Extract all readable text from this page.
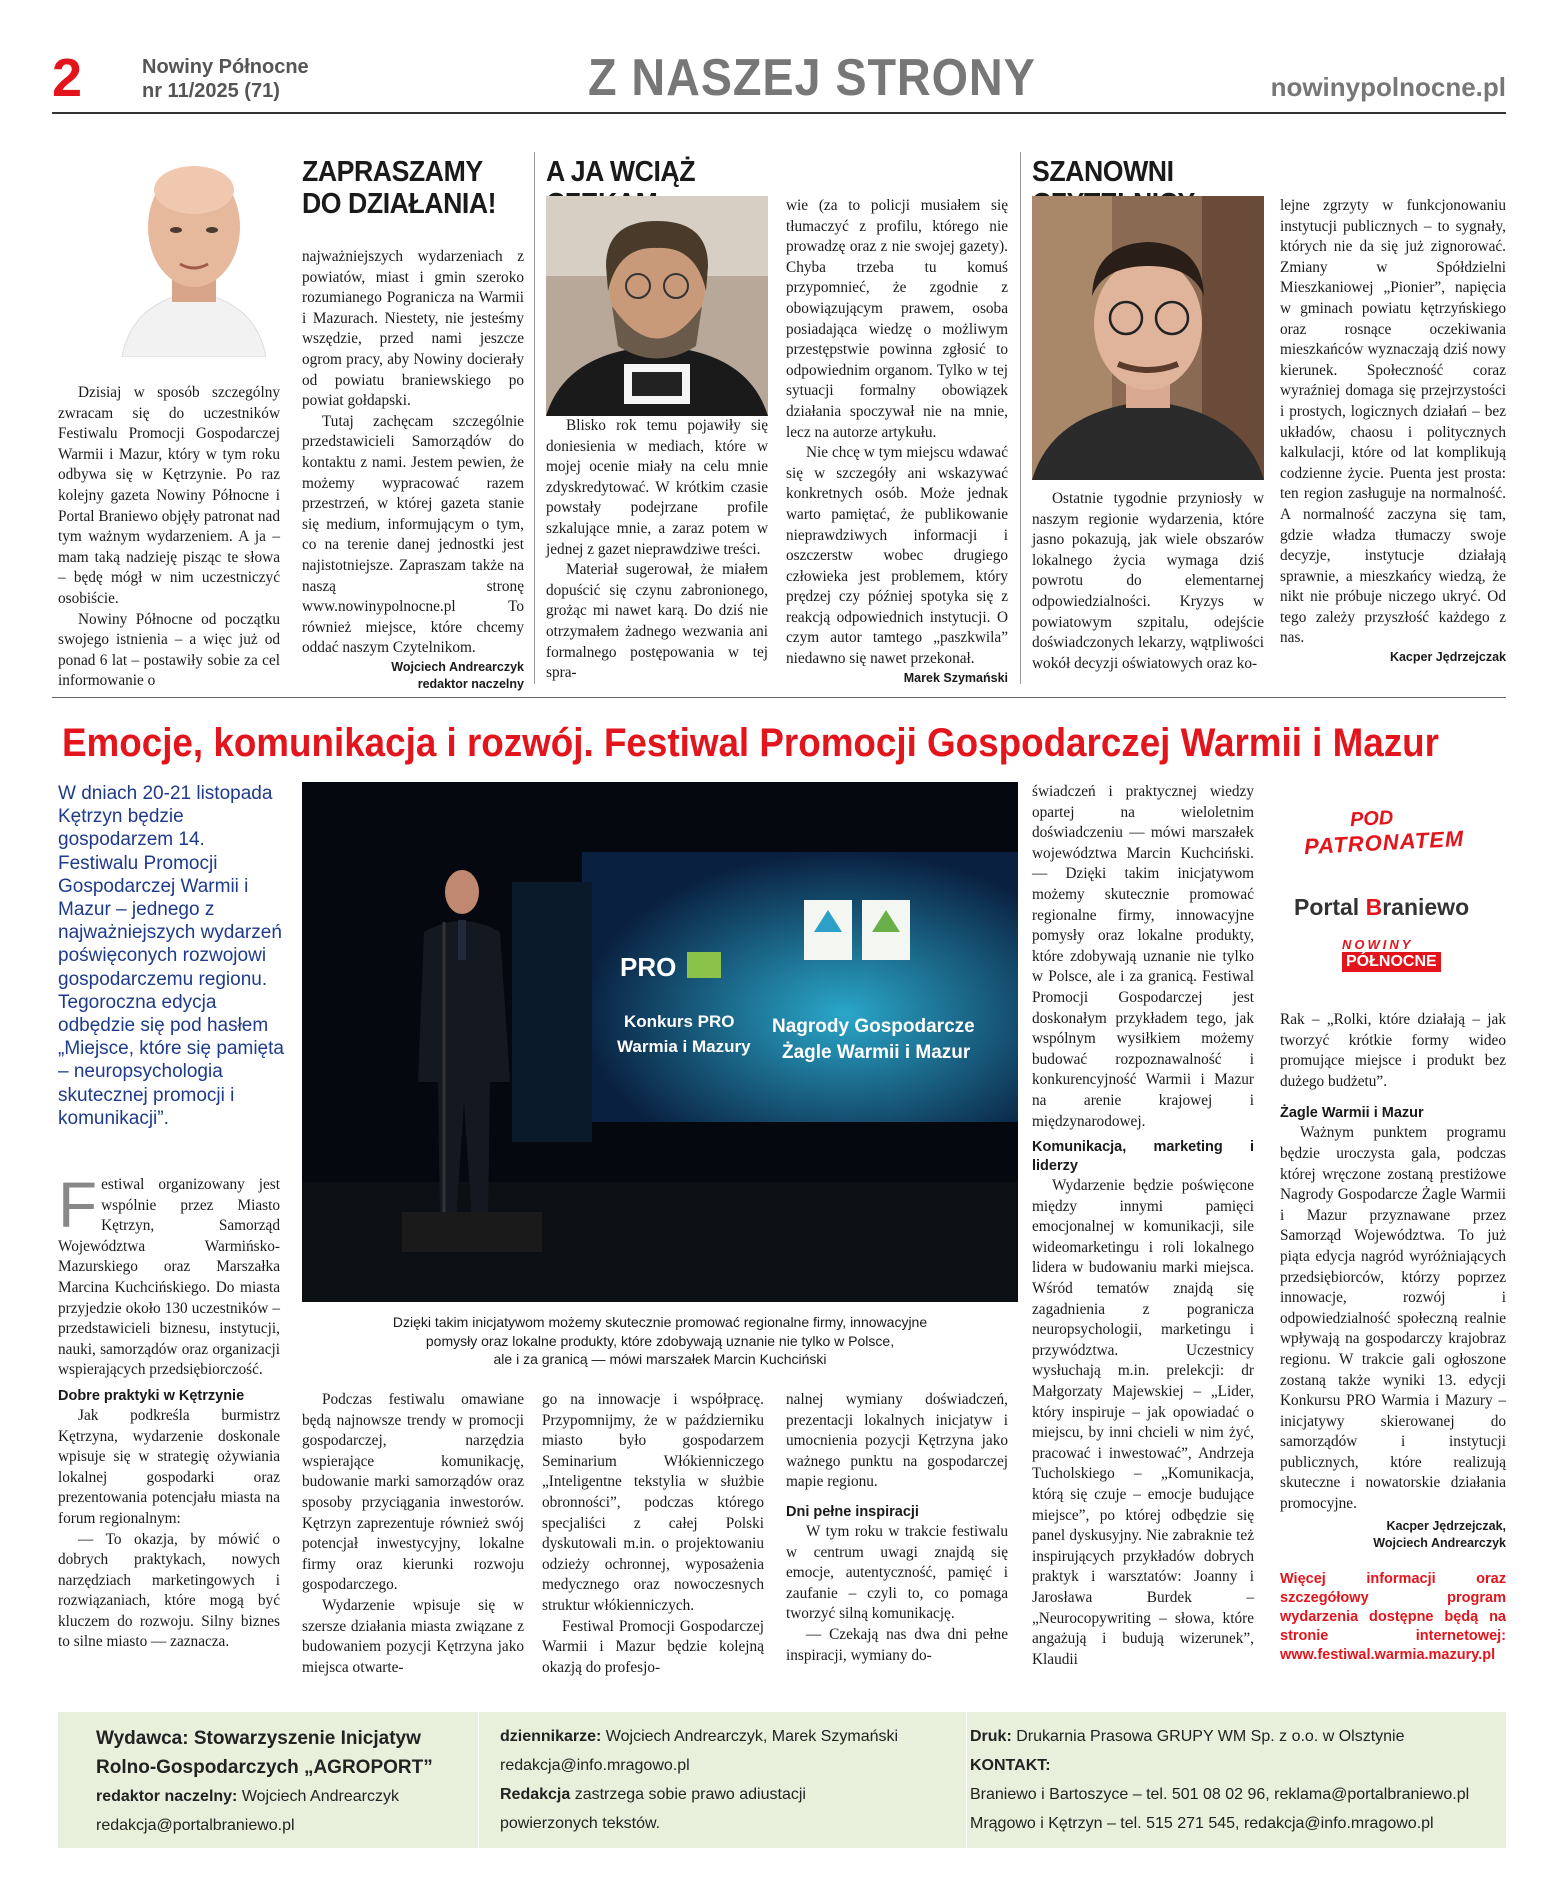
2	Nowiny Północne
nr 11/2025 (71)	Z NASZEJ STRONY	nowinypolnocne.pl
ZAPRASZAMY
DO DZIAŁANIA!

Dzisiaj w sposób szczególny zwracam się do uczestników Festiwalu Promocji Gospodarczej Warmii i Mazur, który w tym roku odbywa się w Kętrzynie. Po raz kolejny gazeta Nowiny Północne i Portal Braniewo objęły patronat nad tym ważnym wydarzeniem. A ja – mam taką nadzieję pisząc te słowa – będę mógł w nim uczestniczyć osobiście.

Nowiny Północne od początku swojego istnienia – a więc już od ponad 6 lat – postawiły sobie za cel informowanie o

najważniejszych wydarzeniach z powiatów, miast i gmin szeroko rozumianego Pogranicza na Warmii i Mazurach. Niestety, nie jesteśmy wszędzie, przed nami jeszcze ogrom pracy, aby Nowiny docierały od powiatu braniewskiego po powiat gołdapski.

Tutaj zachęcam szczególnie przedstawicieli Samorządów do kontaktu z nami. Jestem pewien, że możemy wypracować razem przestrzeń, w której gazeta stanie się medium, informującym o tym, co na terenie danej jednostki jest najistotniejsze. Zapraszam także na naszą stronę www.nowinypolnocne.pl To również miejsce, które chcemy oddać naszym Czytelnikom.

Wojciech Andrearczyk
redaktor naczelny
A JA WCIĄŻ

Blisko rok temu pojawiły się doniesienia w mediach, które w mojej ocenie miały na celu mnie zdyskredytować. W krótkim czasie powstały podejrzane profile szkalujące mnie, a zaraz potem w jednej z gazet nieprawdziwe treści.

Materiał sugerował, że miałem dopuścić się czynu zabronionego, grożąc mi nawet karą. Do dziś nie otrzymałem żadnego wezwania ani formalnego postępowania w tej spra-

wie (za to policji musiałem się tłumaczyć z profilu, którego nie prowadzę oraz z nie swojej gazety). Chyba trzeba tu komuś przypomnieć, że zgodnie z obowiązującym prawem, osoba posiadająca wiedzę o możliwym przestępstwie powinna zgłosić to odpowiednim organom. Tylko w tej sytuacji formalny obowiązek działania spoczywał nie na mnie, lecz na autorze artykułu.

Nie chcę w tym miejscu wdawać się w szczegóły ani wskazywać konkretnych osób. Może jednak warto pamiętać, że publikowanie nieprawdziwych informacji i oszczerstw wobec drugiego człowieka jest problemem, który prędzej czy później spotyka się z reakcją odpowiednich instytucji. O czym autor tamtego „paszkwila” niedawno się nawet przekonał.

Marek Szymański
SZANOWNI

Ostatnie tygodnie przyniosły w naszym regionie wydarzenia, które jasno pokazują, jak wiele obszarów lokalnego życia wymaga dziś powrotu do elementarnej odpowiedzialności. Kryzys w powiatowym szpitalu, odejście doświadczonych lekarzy, wątpliwości wokół decyzji oświatowych oraz ko-

lejne zgrzyty w funkcjonowaniu instytucji publicznych – to sygnały, których nie da się już zignorować. Zmiany w Spółdzielni Mieszkaniowej „Pionier”, napięcia w gminach powiatu kętrzyńskiego oraz rosnące oczekiwania mieszkańców wyznaczają dziś nowy kierunek. Społeczność coraz wyraźniej domaga się przejrzystości i prostych, logicznych działań – bez układów, chaosu i politycznych kalkulacji, które od lat komplikują codzienne życie. Puenta jest prosta: ten region zasługuje na normalność. A normalność zaczyna się tam, gdzie władza tłumaczy swoje decyzje, instytucje działają sprawnie, a mieszkańcy wiedzą, że nikt nie próbuje niczego ukryć. Od tego zależy przyszłość każdego z nas.

Kacper Jędrzejczak
Emocje, komunikacja i rozwój. Festiwal Promocji Gospodarczej Warmii i Mazur
W dniach 20-21 listopada Kętrzyn będzie gospodarzem 14. Festiwalu Promocji Gospodarczej Warmii i Mazur – jednego z najważniejszych wydarzeń poświęconych rozwojowi gospodarczemu regionu. Tegoroczna edycja odbędzie się pod hasłem „Miejsce, które się pamięta – neuropsychologia skutecznej promocji i komunikacji”.

Festiwal organizowany jest wspólnie przez Miasto Kętrzyn, Samorząd Województwa Warmińsko-Mazurskiego oraz Marszałka Marcina Kuchcińskiego. Do miasta przyjedzie około 130 uczestników – przedstawicieli biznesu, instytucji, nauki, samorządów oraz organizacji wspierających przedsiębiorczość.

Dobre praktyki w Kętrzynie

Jak podkreśla burmistrz Kętrzyna, wydarzenie doskonale wpisuje się w strategię ożywiania lokalnej gospodarki oraz prezentowania potencjału miasta na forum regionalnym:

— To okazja, by mówić o dobrych praktykach, nowych narzędziach marketingowych i rozwiązaniach, które mogą być kluczem do rozwoju. Silny biznes to silne miasto — zaznacza.

PRO
Konkurs PRO
Warmia i Mazury
Nagrody Gospodarcze
Żagle Warmii i Mazur
Dzięki takim inicjatywom możemy skutecznie promować regionalne firmy, innowacyjne
pomysły oraz lokalne produkty, które zdobywają uznanie nie tylko w Polsce,
ale i za granicą — mówi marszałek Marcin Kuchciński

Podczas festiwalu omawiane będą najnowsze trendy w promocji gospodarczej, narzędzia wspierające komunikację, budowanie marki samorządów oraz sposoby przyciągania inwestorów. Kętrzyn zaprezentuje również swój potencjał inwestycyjny, lokalne firmy oraz kierunki rozwoju gospodarczego.

Wydarzenie wpisuje się w szersze działania miasta związane z budowaniem pozycji Kętrzyna jako miejsca otwarte-

go na innowacje i współpracę. Przypomnijmy, że w październiku miasto było gospodarzem Seminarium Włókienniczego „Inteligentne tekstylia w służbie obronności”, podczas którego specjaliści z całej Polski dyskutowali m.in. o projektowaniu odzieży ochronnej, wyposażenia medycznego oraz nowoczesnych struktur włókienniczych.

Festiwal Promocji Gospodarczej Warmii i Mazur będzie kolejną okazją do profesjo-

nalnej wymiany doświadczeń, prezentacji lokalnych inicjatyw i umocnienia pozycji Kętrzyna jako ważnego punktu na gospodarczej mapie regionu.

Dni pełne inspiracji

W tym roku w trakcie festiwalu w centrum uwagi znajdą się emocje, autentyczność, pamięć i zaufanie – czyli to, co pomaga tworzyć silną komunikację.

— Czekają nas dwa dni pełne inspiracji, wymiany do-

świadczeń i praktycznej wiedzy opartej na wieloletnim doświadczeniu — mówi marszałek województwa Marcin Kuchciński. — Dzięki takim inicjatywom możemy skutecznie promować regionalne firmy, innowacyjne pomysły oraz lokalne produkty, które zdobywają uznanie nie tylko w Polsce, ale i za granicą. Festiwal Promocji Gospodarczej jest doskonałym przykładem tego, jak wspólnym wysiłkiem możemy budować rozpoznawalność i konkurencyjność Warmii i Mazur na arenie krajowej i międzynarodowej.

Komunikacja, marketing i liderzy

Wydarzenie będzie poświęcone między innymi pamięci emocjonalnej w komunikacji, sile wideomarketingu i roli lokalnego lidera w budowaniu marki miejsca. Wśród tematów znajdą się zagadnienia z pogranicza neuropsychologii, marketingu i przywództwa. Uczestnicy wysłuchają m.in. prelekcji: dr Małgorzaty Majewskiej – „Lider, który inspiruje – jak opowiadać o miejscu, by inni chcieli w nim żyć, pracować i inwestować”, Andrzeja Tucholskiego – „Komunikacja, którą się czuje – emocje budujące miejsce”, po której odbędzie się panel dyskusyjny. Nie zabraknie też inspirujących przykładów dobrych praktyk i warsztatów: Joanny i Jarosława Burdek – „Neurocopywriting – słowa, które angażują i budują wizerunek”, Klaudii

POD
PATRONATEM
Portal Braniewo
NOWINY
PÓŁNOCNE

Rak – „Rolki, które działają – jak tworzyć krótkie formy wideo promujące miejsce i produkt bez dużego budżetu”.

Żagle Warmii i Mazur

Ważnym punktem programu będzie uroczysta gala, podczas której wręczone zostaną prestiżowe Nagrody Gospodarcze Żagle Warmii i Mazur przyznawane przez Samorząd Województwa. To już piąta edycja nagród wyróżniających przedsiębiorców, którzy poprzez innowacje, rozwój i odpowiedzialność społeczną realnie wpływają na gospodarczy krajobraz regionu. W trakcie gali ogłoszone zostaną także wyniki 13. edycji Konkursu PRO Warmia i Mazury – inicjatywy skierowanej do samorządów i instytucji publicznych, które realizują skuteczne i nowatorskie działania promocyjne.

Kacper Jędrzejczak,
Wojciech Andrearczyk
Więcej informacji oraz szczegółowy program wydarzenia dostępne będą na stronie internetowej: www.festiwal.warmia.mazury.pl
Wydawca: Stowarzyszenie Inicjatyw
Rolno-Gospodarczych „AGROPORT”
redaktor naczelny: Wojciech Andrearczyk
redakcja@portalbraniewo.pl
dziennikarze: Wojciech Andrearczyk, Marek Szymański
redakcja@info.mragowo.pl
Redakcja zastrzega sobie prawo adiustacji
powierzonych tekstów.
Druk: Drukarnia Prasowa GRUPY WM Sp. z o.o. w Olsztynie
KONTAKT:
Braniewo i Bartoszyce – tel. 501 08 02 96, reklama@portalbraniewo.pl
Mrągowo i Kętrzyn – tel. 515 271 545, redakcja@info.mragowo.pl
